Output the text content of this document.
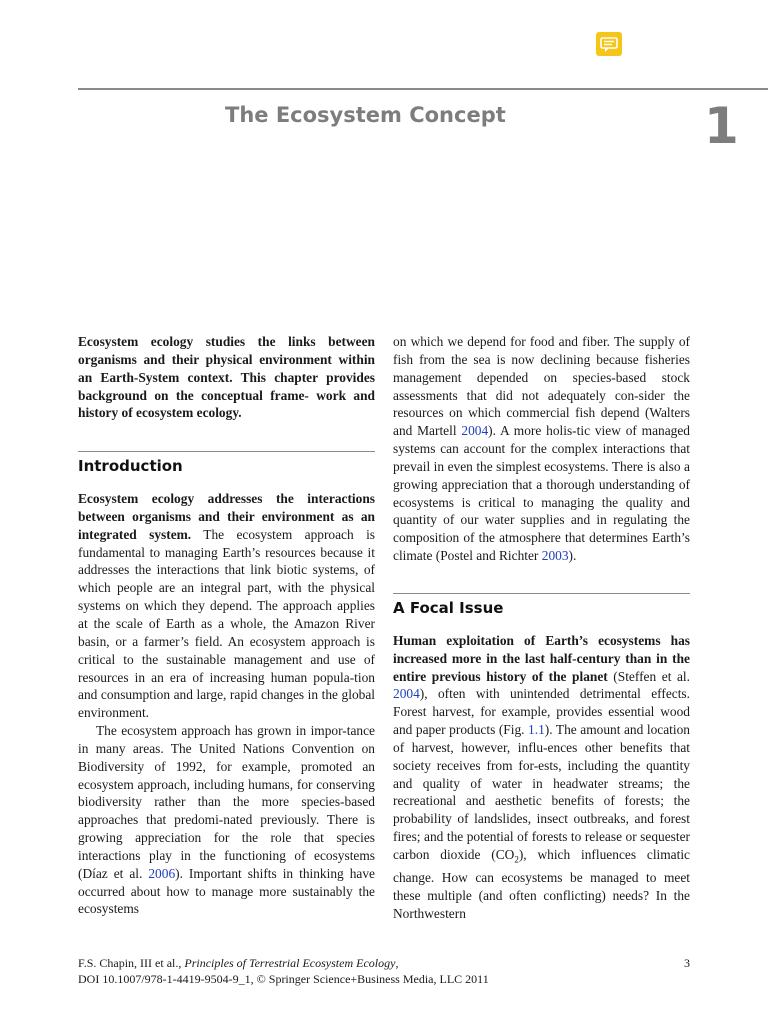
The Ecosystem Concept	1

Ecosystem ecology studies the links between organisms and their physical environment within an Earth-System context. This chapter provides background on the conceptual frame- work and history of ecosystem ecology.

Introduction

Ecosystem ecology addresses the interactions between organisms and their environment as an integrated system. The ecosystem approach is fundamental to managing Earth’s resources because it addresses the interactions that link biotic systems, of which people are an integral part, with the physical systems on which they depend. The approach applies at the scale of Earth as a whole, the Amazon River basin, or a farmer’s field. An ecosystem approach is critical to the sustainable management and use of resources in an era of increasing human popula-tion and consumption and large, rapid changes in the global environment.

The ecosystem approach has grown in impor-tance in many areas. The United Nations Convention on Biodiversity of 1992, for example, promoted an ecosystem approach, including humans, for conserving biodiversity rather than the more species-based approaches that predomi-nated previously. There is growing appreciation for the role that species interactions play in the functioning of ecosystems (Díaz et al. 2006). Important shifts in thinking have occurred about how to manage more sustainably the ecosystems

on which we depend for food and fiber. The supply of fish from the sea is now declining because fisheries management depended on species-based stock assessments that did not adequately con-sider the resources on which commercial fish depend (Walters and Martell 2004). A more holis-tic view of managed systems can account for the complex interactions that prevail in even the simplest ecosystems. There is also a growing appreciation that a thorough understanding of ecosystems is critical to managing the quality and quantity of our water supplies and in regulating the composition of the atmosphere that determines Earth’s climate (Postel and Richter 2003).

A Focal Issue

Human exploitation of Earth’s ecosystems has increased more in the last half-century than in the entire previous history of the planet (Steffen et al. 2004), often with unintended detrimental effects. Forest harvest, for example, provides essential wood and paper products (Fig. 1.1). The amount and location of harvest, however, influ-ences other benefits that society receives from for-ests, including the quantity and quality of water in headwater streams; the recreational and aesthetic benefits of forests; the probability of landslides, insect outbreaks, and forest fires; and the potential of forests to release or sequester carbon dioxide $(CO_2)$, which influences climatic change. How can ecosystems be managed to meet these multiple (and often conflicting) needs? In the Northwestern

F.S. Chapin, III et al., Principles of Terrestrial Ecosystem Ecology,
DOI 10.1007/978-1-4419-9504-9_1, © Springer Science+Business Media, LLC 2011
3
